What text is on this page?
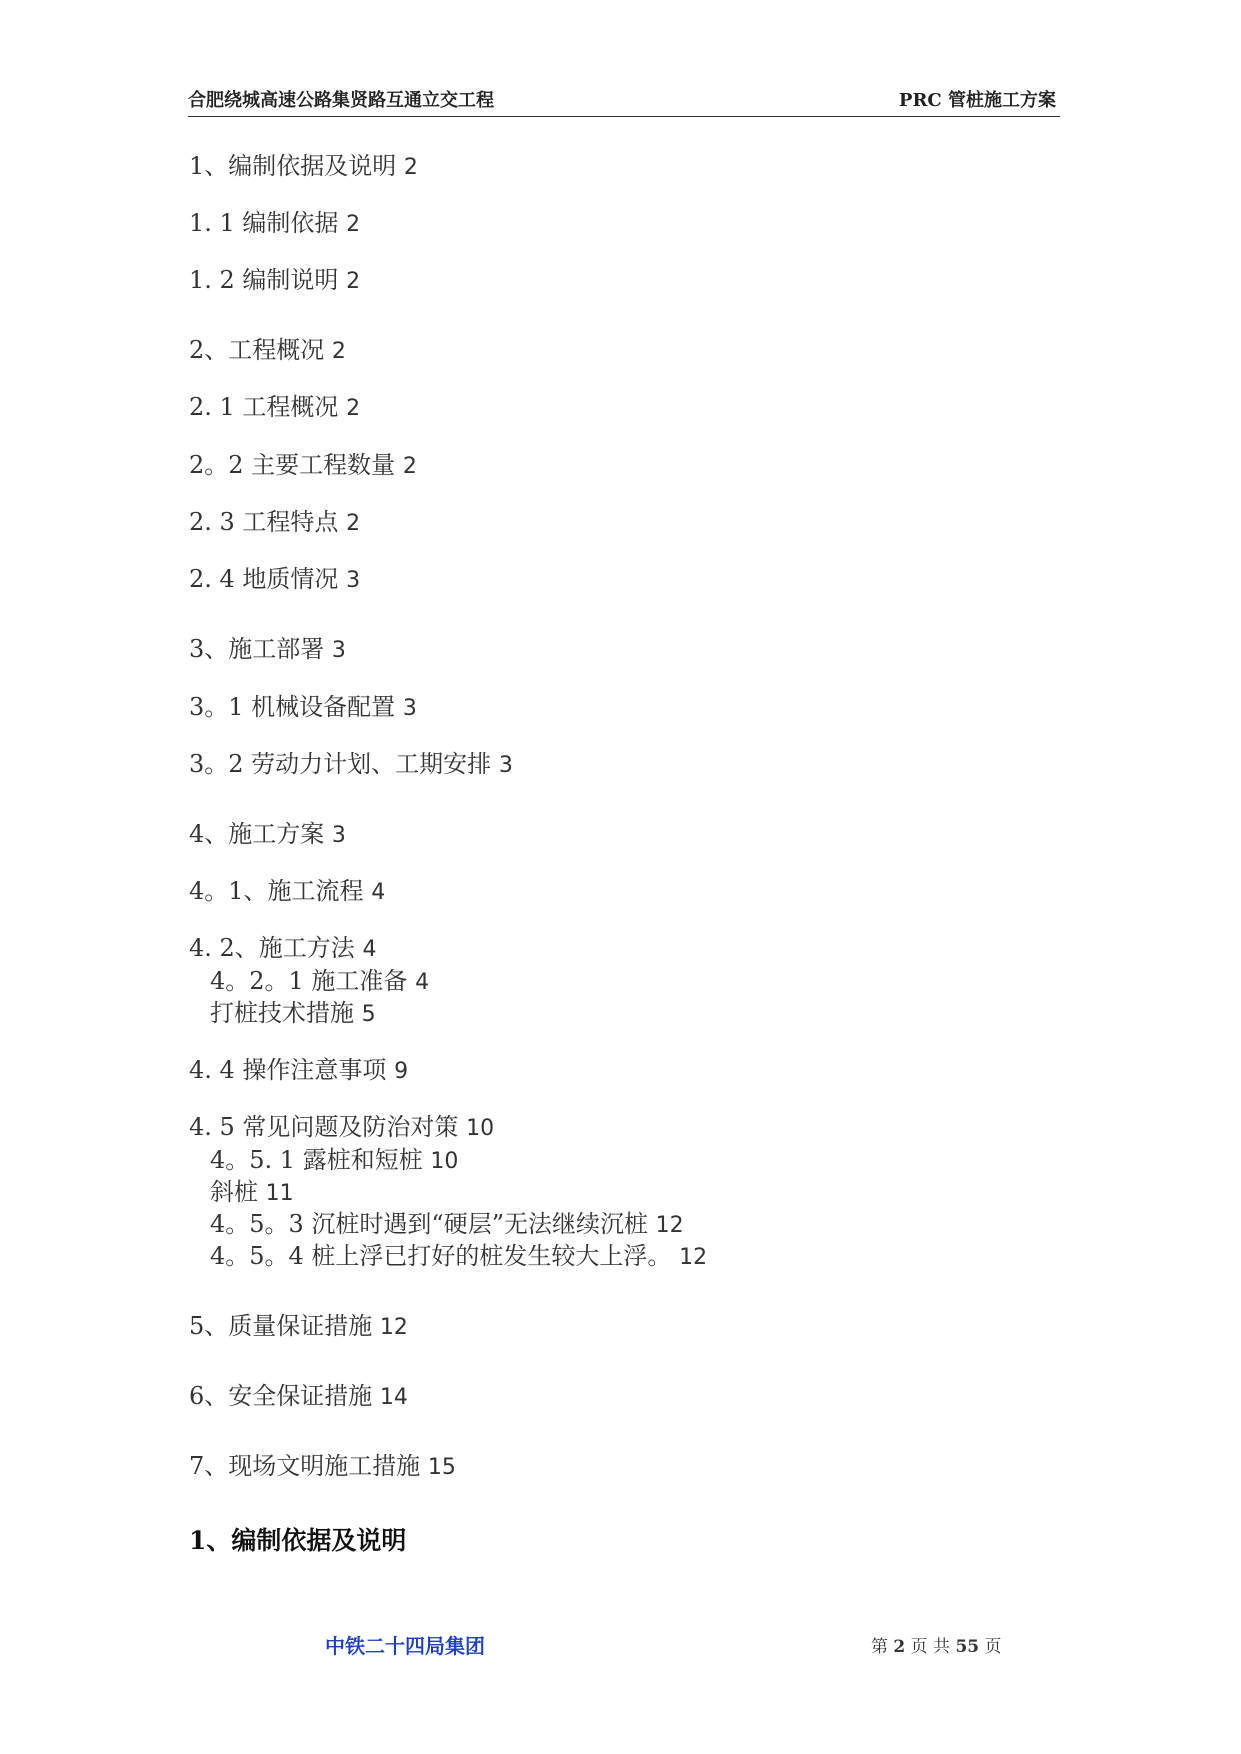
合肥绕城高速公路集贤路互通立交工程	PRC 管桩施工方案
1、编制依据及说明 2
1. 1 编制依据 2
1. 2 编制说明 2
2、工程概况 2
2. 1 工程概况 2
2。2 主要工程数量 2
2. 3 工程特点 2
2. 4 地质情况 3
3、施工部署 3
3。1 机械设备配置 3
3。2 劳动力计划、工期安排 3
4、施工方案 3
4。1、施工流程 4
4. 2、施工方法 4
4。2。1 施工准备 4
打桩技术措施 5
4. 4 操作注意事项 9
4. 5 常见问题及防治对策 10
4。5. 1 露桩和短桩 10
斜桩 11
4。5。3 沉桩时遇到“硬层”无法继续沉桩 12
4。5。4 桩上浮已打好的桩发生较大上浮。 12
5、质量保证措施 12
6、安全保证措施 14
7、现场文明施工措施 15
1、编制依据及说明
中铁二十四局集团	第 2 页 共 55 页
